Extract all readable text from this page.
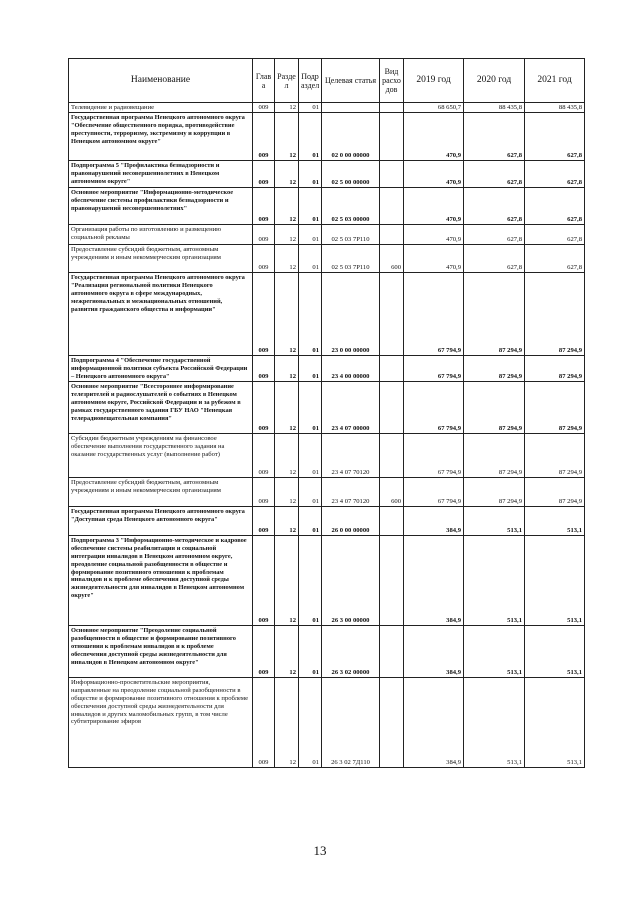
Наименование	Глав а	Разде л	Подр аздел	Целевая статья	Вид расхо дов	2019 год	2020 год	2021 год
Телевидение и радиовещание	009	12	01			68 650,7	88 435,8	88 435,8
Государственная программа Ненецкого автономного округа "Обеспечение общественного порядка, противодействие преступности, терроризму, экстремизму и коррупции в Ненецком автономном округе"	009	12	01	02 0 00 00000		470,9	627,8	627,8
Подпрограмма 5 "Профилактика безнадзорности и правонарушений несовершеннолетних в Ненецком автономном округе"	009	12	01	02 5 00 00000		470,9	627,8	627,8
Основное мероприятие "Информационно-методическое обеспечение системы профилактики безнадзорности и правонарушений несовершеннолетних"	009	12	01	02 5 03 00000		470,9	627,8	627,8
Организация работы по изготовлению и размещению социальной рекламы	009	12	01	02 5 03 7Р110		470,9	627,8	627,8
Предоставление субсидий бюджетным, автономным учреждениям и иным некоммерческим организациям	009	12	01	02 5 03 7Р110	600	470,9	627,8	627,8
Государственная программа Ненецкого автономного округа "Реализация региональной политики Ненецкого автономного округа в сфере международных, межрегиональных и межнациональных отношений, развития гражданского общества и информации"	009	12	01	23 0 00 00000		67 794,9	87 294,9	87 294,9
Подпрограмма 4 "Обеспечение государственной информационной политики субъекта Российской Федерации – Ненецкого автономного округа"	009	12	01	23 4 00 00000		67 794,9	87 294,9	87 294,9
Основное мероприятие "Всестороннее информирование телезрителей и радиослушателей о событиях в Ненецком автономном округе, Российской Федерации и за рубежом в рамках государственного задания ГБУ НАО "Ненецкая телерадиовещательная компания"	009	12	01	23 4 07 00000		67 794,9	87 294,9	87 294,9
Субсидии бюджетным учреждениям на финансовое обеспечение выполнения государственного задания на оказание государственных услуг (выполнение работ)	009	12	01	23 4 07 70120		67 794,9	87 294,9	87 294,9
Предоставление субсидий бюджетным, автономным учреждениям и иным некоммерческим организациям	009	12	01	23 4 07 70120	600	67 794,9	87 294,9	87 294,9
Государственная программа Ненецкого автономного округа "Доступная среда Ненецкого автономного округа"	009	12	01	26 0 00 00000		384,9	513,1	513,1
Подпрограмма 3 "Информационно-методическое и кадровое обеспечение системы реабилитации и социальной интеграции инвалидов в Ненецком автономном округе, преодоление социальной разобщенности в обществе и формирование позитивного отношения к проблемам инвалидов и к проблеме обеспечения доступной среды жизнедеятельности для инвалидов в Ненецком автономном округе"	009	12	01	26 3 00 00000		384,9	513,1	513,1
Основное мероприятие "Преодоление социальной разобщенности в обществе и формирование позитивного отношения к проблемам инвалидов и к проблеме обеспечения доступной среды жизнедеятельности для инвалидов в Ненецком автономном округе"	009	12	01	26 3 02 00000		384,9	513,1	513,1
Информационно-просветительские мероприятия, направленные на преодоление социальной разобщенности в обществе и формирование позитивного отношения к проблеме обеспечения доступной среды жизнедеятельности для инвалидов и других маломобильных групп, в том числе субтитрирование эфиров	009	12	01	26 3 02 7Д110		384,9	513,1	513,1
13
